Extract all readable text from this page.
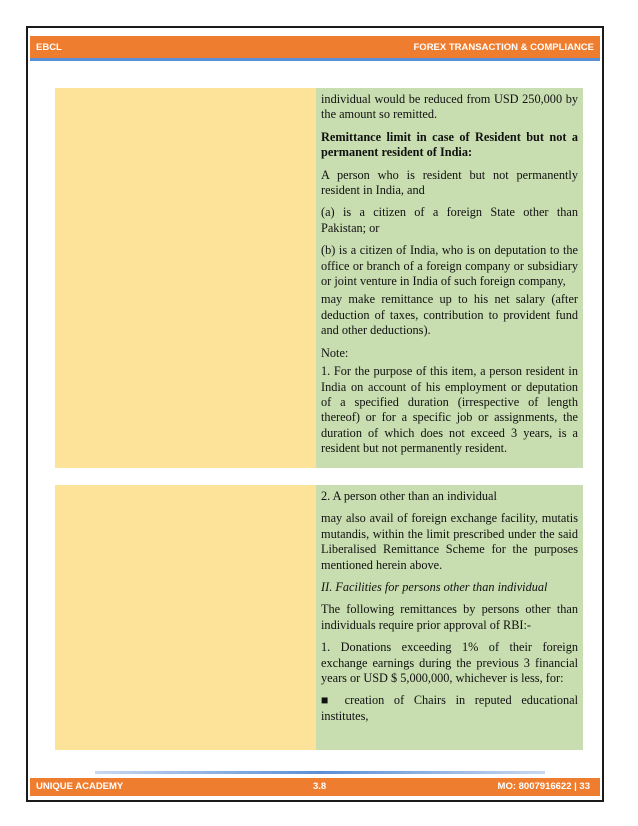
EBCL	FOREX TRANSACTION & COMPLIANCE

individual would be reduced from USD 250,000 by the amount so remitted.

Remittance limit in case of Resident but not a permanent resident of India:

A person who is resident but not permanently resident in India, and

(a) is a citizen of a foreign State other than Pakistan; or

(b) is a citizen of India, who is on deputation to the office or branch of a foreign company or subsidiary or joint venture in India of such foreign company,

may make remittance up to his net salary (after deduction of taxes, contribution to provident fund and other deductions).

Note:

1. For the purpose of this item, a person resident in India on account of his employment or deputation of a specified duration (irrespective of length thereof) or for a specific job or assignments, the duration of which does not exceed 3 years, is a resident but not permanently resident.

2. A person other than an individual

may also avail of foreign exchange facility, mutatis mutandis, within the limit prescribed under the said Liberalised Remittance Scheme for the purposes mentioned herein above.

II. Facilities for persons other than individual

The following remittances by persons other than individuals require prior approval of RBI:-

1. Donations exceeding 1% of their foreign exchange earnings during the previous 3 financial years or USD $ 5,000,000, whichever is less, for:

■ creation of Chairs in reputed educational institutes,

UNIQUE ACADEMY	3.8	MO: 8007916622 | 33
